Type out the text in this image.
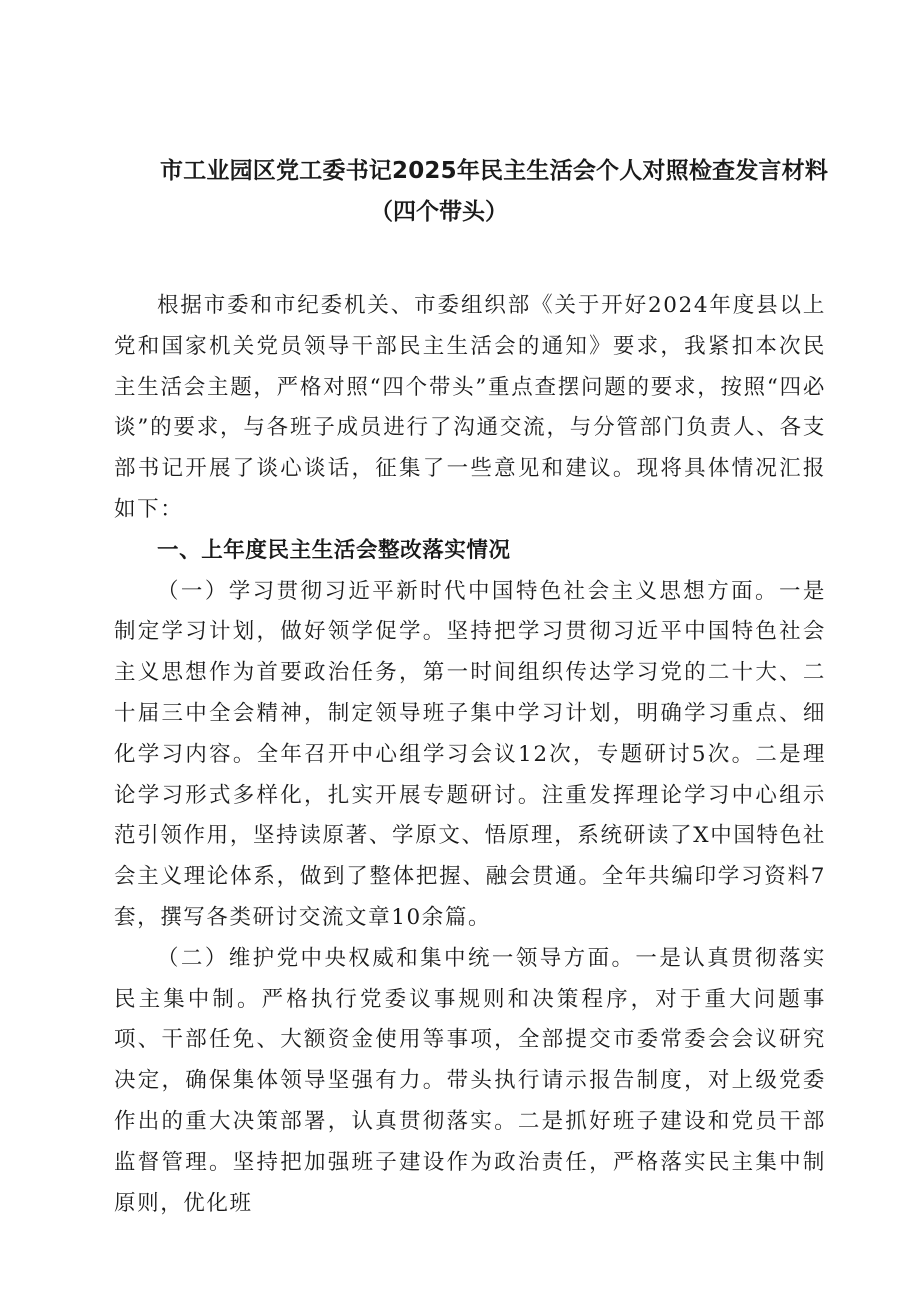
市工业园区党工委书记2025年民主生活会个人对照检查发言材料
（四个带头）

根据市委和市纪委机关、市委组织部《关于开好2024年度县以上党和国家机关党员领导干部民主生活会的通知》要求，我紧扣本次民主生活会主题，严格对照“四个带头”重点查摆问题的要求，按照“四必谈”的要求，与各班子成员进行了沟通交流，与分管部门负责人、各支部书记开展了谈心谈话，征集了一些意见和建议。现将具体情况汇报如下：

一、上年度民主生活会整改落实情况

（一）学习贯彻习近平新时代中国特色社会主义思想方面。一是制定学习计划，做好领学促学。坚持把学习贯彻习近平中国特色社会主义思想作为首要政治任务，第一时间组织传达学习党的二十大、二十届三中全会精神，制定领导班子集中学习计划，明确学习重点、细化学习内容。全年召开中心组学习会议12次，专题研讨5次。二是理论学习形式多样化，扎实开展专题研讨。注重发挥理论学习中心组示范引领作用，坚持读原著、学原文、悟原理，系统研读了X中国特色社会主义理论体系，做到了整体把握、融会贯通。全年共编印学习资料7套，撰写各类研讨交流文章10余篇。

（二）维护党中央权威和集中统一领导方面。一是认真贯彻落实民主集中制。严格执行党委议事规则和决策程序，对于重大问题事项、干部任免、大额资金使用等事项，全部提交市委常委会会议研究决定，确保集体领导坚强有力。带头执行请示报告制度，对上级党委作出的重大决策部署，认真贯彻落实。二是抓好班子建设和党员干部监督管理。坚持把加强班子建设作为政治责任，严格落实民主集中制原则，优化班
